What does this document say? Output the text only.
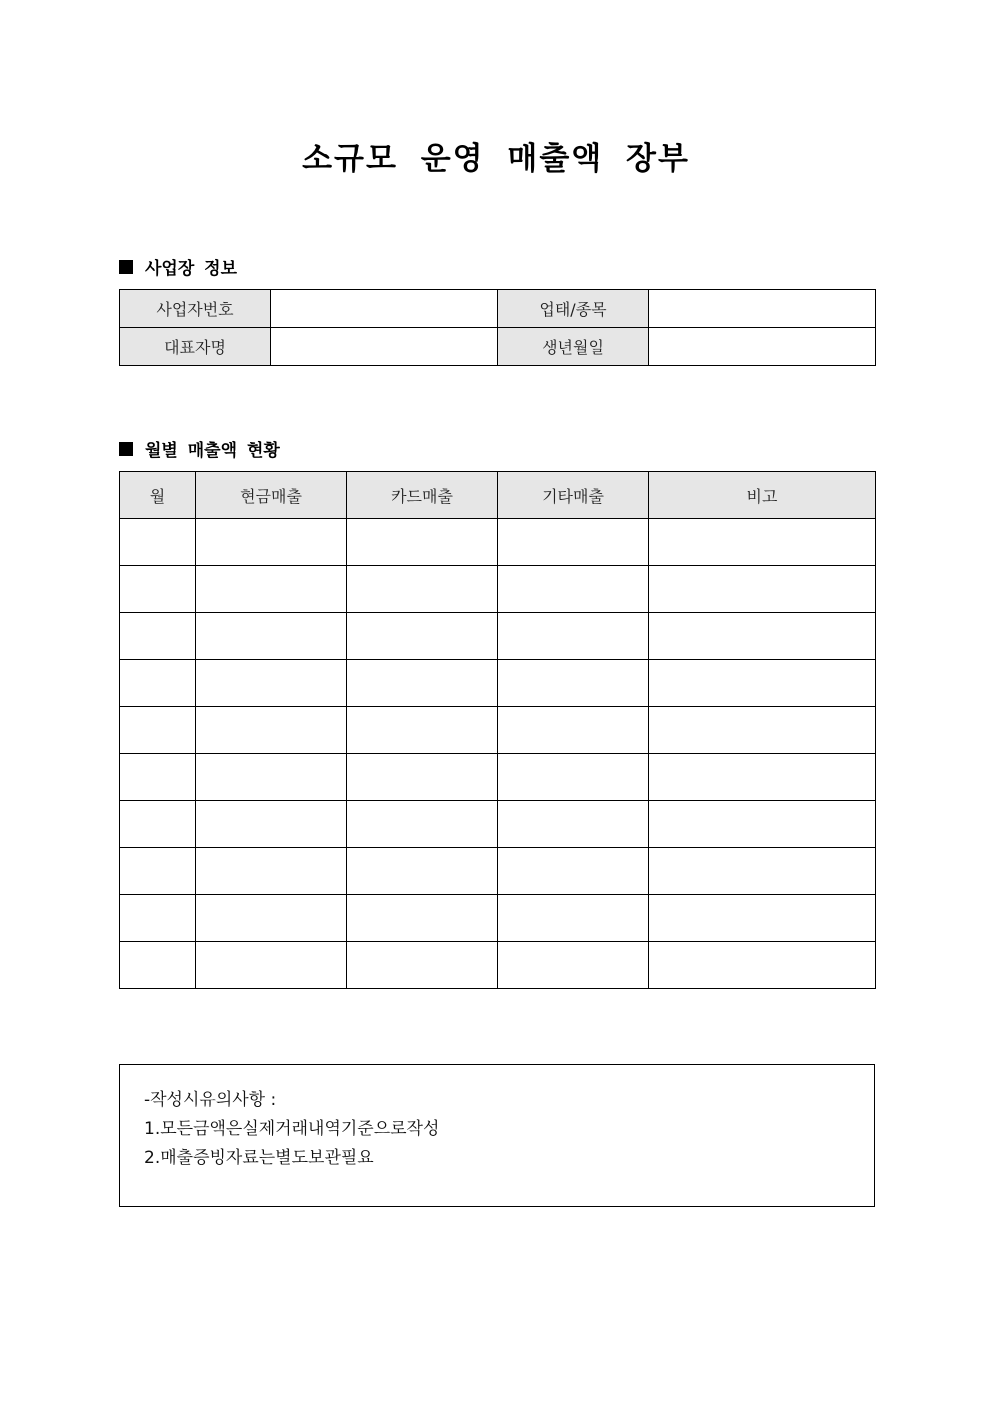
소규모 운영 매출액 장부
사업장 정보
사업자번호		업태/종목	
대표자명		생년월일	
월별 매출액 현황
월	현금매출	카드매출	기타매출	비고

-작성시유의사항 :
1.모든금액은실제거래내역기준으로작성
2.매출증빙자료는별도보관필요
